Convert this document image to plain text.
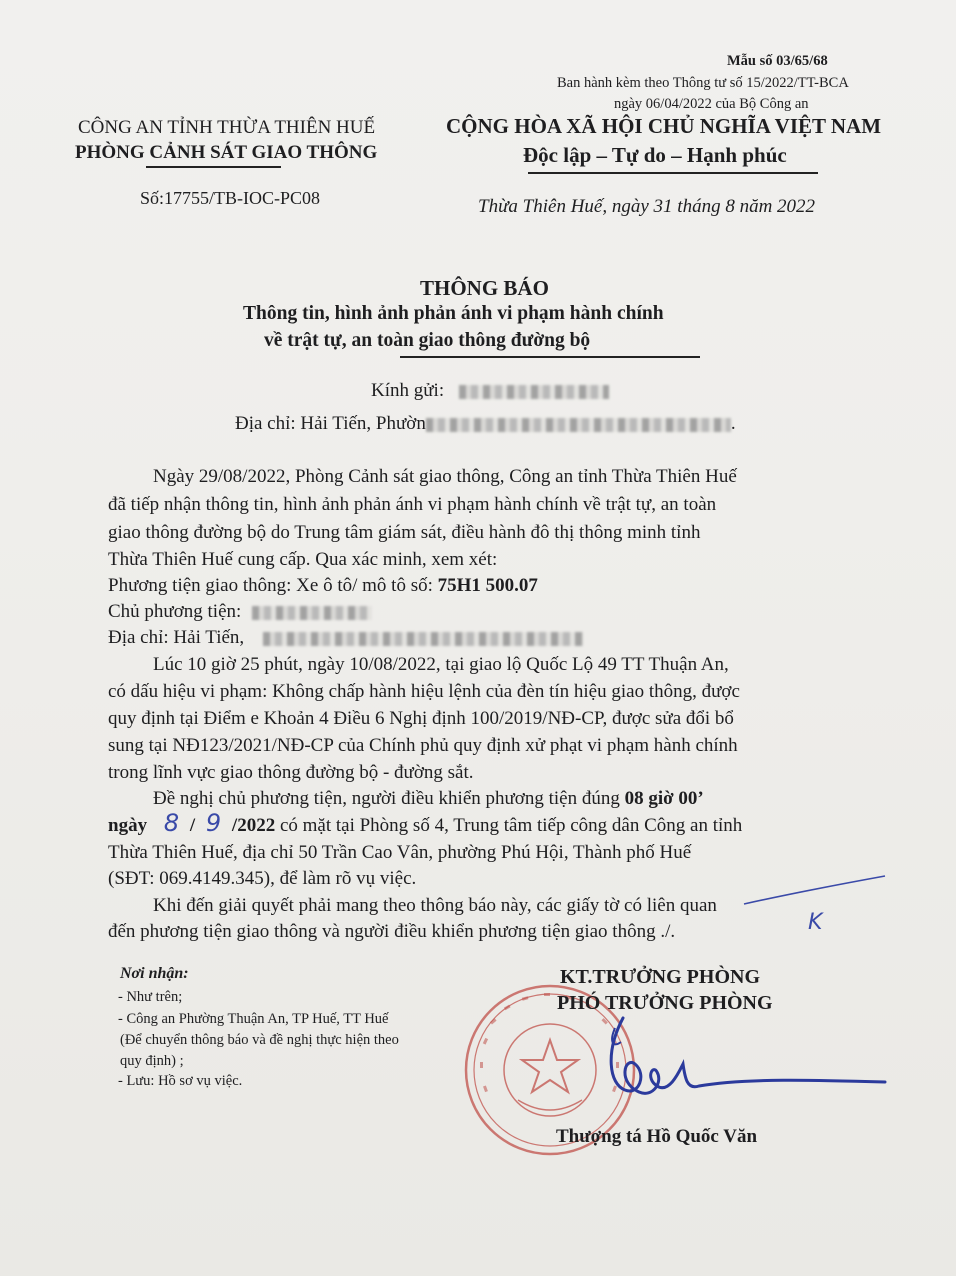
Mẫu số 03/65/68
Ban hành kèm theo Thông tư số 15/2022/TT-BCA
ngày 06/04/2022 của Bộ Công an
CÔNG AN TỈNH THỪA THIÊN HUẾ
PHÒNG CẢNH SÁT GIAO THÔNG
Số:17755/TB-IOC-PC08
CỘNG HÒA XÃ HỘI CHỦ NGHĨA VIỆT NAM
Độc lập – Tự do – Hạnh phúc
Thừa Thiên Huế, ngày 31 tháng 8 năm 2022
THÔNG BÁO
Thông tin, hình ảnh phản ánh vi phạm hành chính
về trật tự, an toàn giao thông đường bộ
Kính gửi:
Địa chỉ: Hải Tiến, Phườn	.
Ngày 29/08/2022, Phòng Cảnh sát giao thông, Công an tỉnh Thừa Thiên Huế
đã tiếp nhận thông tin, hình ảnh phản ánh vi phạm hành chính về trật tự, an toàn
giao thông đường bộ do Trung tâm giám sát, điều hành đô thị thông minh tỉnh
Thừa Thiên Huế cung cấp. Qua xác minh, xem xét:
Phương tiện giao thông: Xe ô tô/ mô tô số: 75H1 500.07
Chủ phương tiện:
Địa chỉ: Hải Tiến,
Lúc 10 giờ 25 phút, ngày 10/08/2022, tại giao lộ Quốc Lộ 49 TT Thuận An,
có dấu hiệu vi phạm: Không chấp hành hiệu lệnh của đèn tín hiệu giao thông, được
quy định tại Điểm e Khoản 4 Điều 6 Nghị định 100/2019/NĐ-CP, được sửa đổi bổ
sung tại NĐ123/2021/NĐ-CP của Chính phủ quy định xử phạt vi phạm hành chính
trong lĩnh vực giao thông đường bộ - đường sắt.
Đề nghị chủ phương tiện, người điều khiển phương tiện đúng 08 giờ 00’
ngày 8 / 9 /2022 có mặt tại Phòng số 4, Trung tâm tiếp công dân Công an tỉnh
Thừa Thiên Huế, địa chỉ 50 Trần Cao Vân, phường Phú Hội, Thành phố Huế
(SĐT: 069.4149.345), để làm rõ vụ việc.
Khi đến giải quyết phải mang theo thông báo này, các giấy tờ có liên quan
đến phương tiện giao thông và người điều khiển phương tiện giao thông ./.	K
Nơi nhận:
- Như trên;
- Công an Phường Thuận An, TP Huế, TT Huế
(Để chuyển thông báo và đề nghị thực hiện theo
quy định) ;
- Lưu: Hồ sơ vụ việc.
KT.TRƯỞNG PHÒNG
PHÓ TRƯỞNG PHÒNG
Thượng tá Hồ Quốc Văn
